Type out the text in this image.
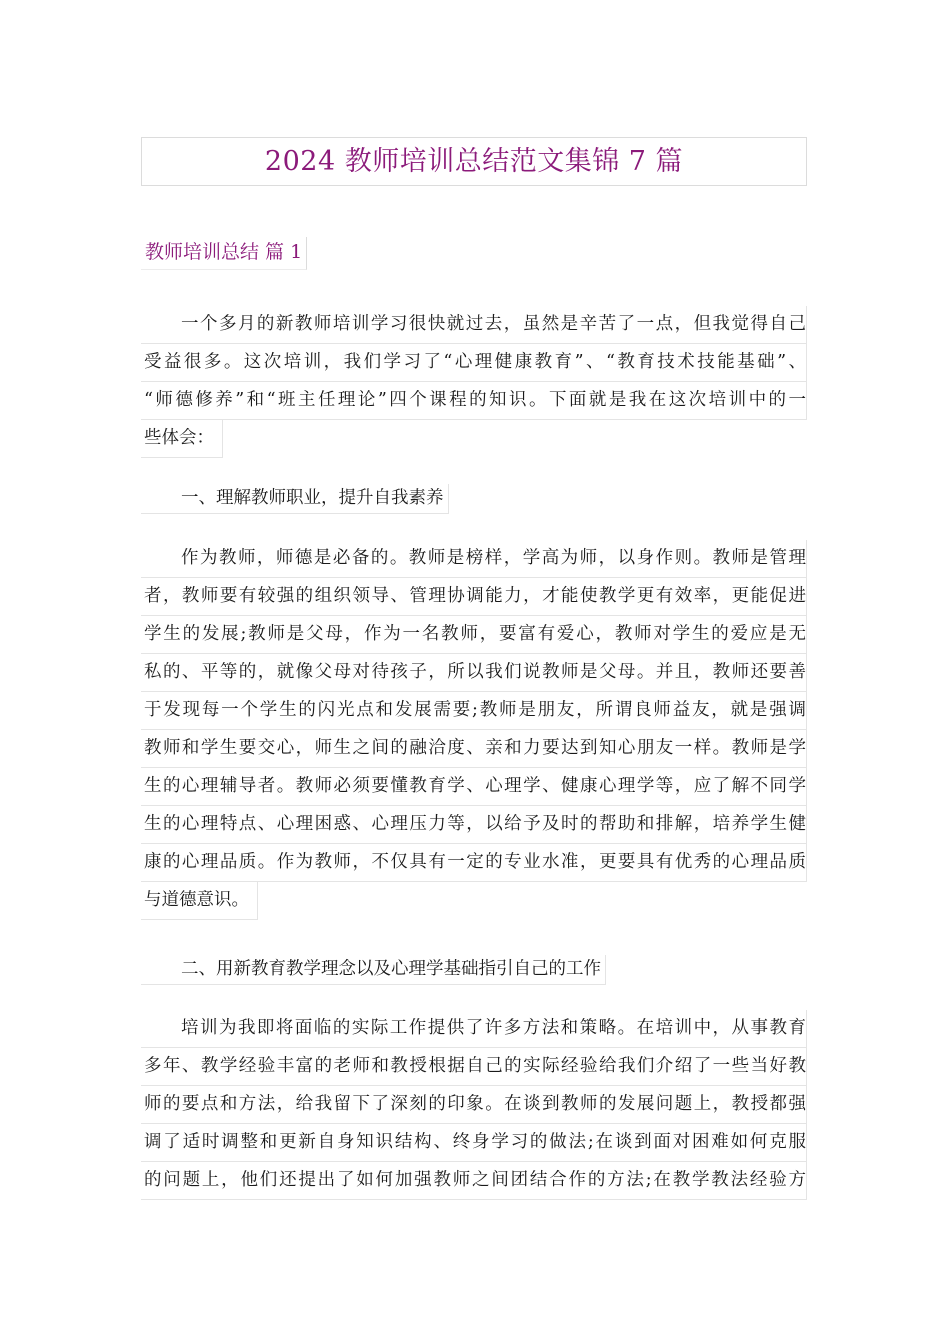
2024 教师培训总结范文集锦 7 篇
教师培训总结 篇 1
一个多月的新教师培训学习很快就过去，虽然是辛苦了一点，但我觉得自己
受益很多。这次培训，我们学习了“心理健康教育”、“教育技术技能基础”、
“师德修养”和“班主任理论”四个课程的知识。下面就是我在这次培训中的一
些体会：
一、理解教师职业，提升自我素养
作为教师，师德是必备的。教师是榜样，学高为师，以身作则。教师是管理
者，教师要有较强的组织领导、管理协调能力，才能使教学更有效率，更能促进
学生的发展;教师是父母，作为一名教师，要富有爱心，教师对学生的爱应是无
私的、平等的，就像父母对待孩子，所以我们说教师是父母。并且，教师还要善
于发现每一个学生的闪光点和发展需要;教师是朋友，所谓良师益友，就是强调
教师和学生要交心，师生之间的融洽度、亲和力要达到知心朋友一样。教师是学
生的心理辅导者。教师必须要懂教育学、心理学、健康心理学等，应了解不同学
生的心理特点、心理困惑、心理压力等，以给予及时的帮助和排解，培养学生健
康的心理品质。作为教师，不仅具有一定的专业水准，更要具有优秀的心理品质
与道德意识。
二、用新教育教学理念以及心理学基础指引自己的工作
培训为我即将面临的实际工作提供了许多方法和策略。在培训中，从事教育
多年、教学经验丰富的老师和教授根据自己的实际经验给我们介绍了一些当好教
师的要点和方法，给我留下了深刻的印象。在谈到教师的发展问题上，教授都强
调了适时调整和更新自身知识结构、终身学习的做法;在谈到面对困难如何克服
的问题上，他们还提出了如何加强教师之间团结合作的方法;在教学教法经验方
